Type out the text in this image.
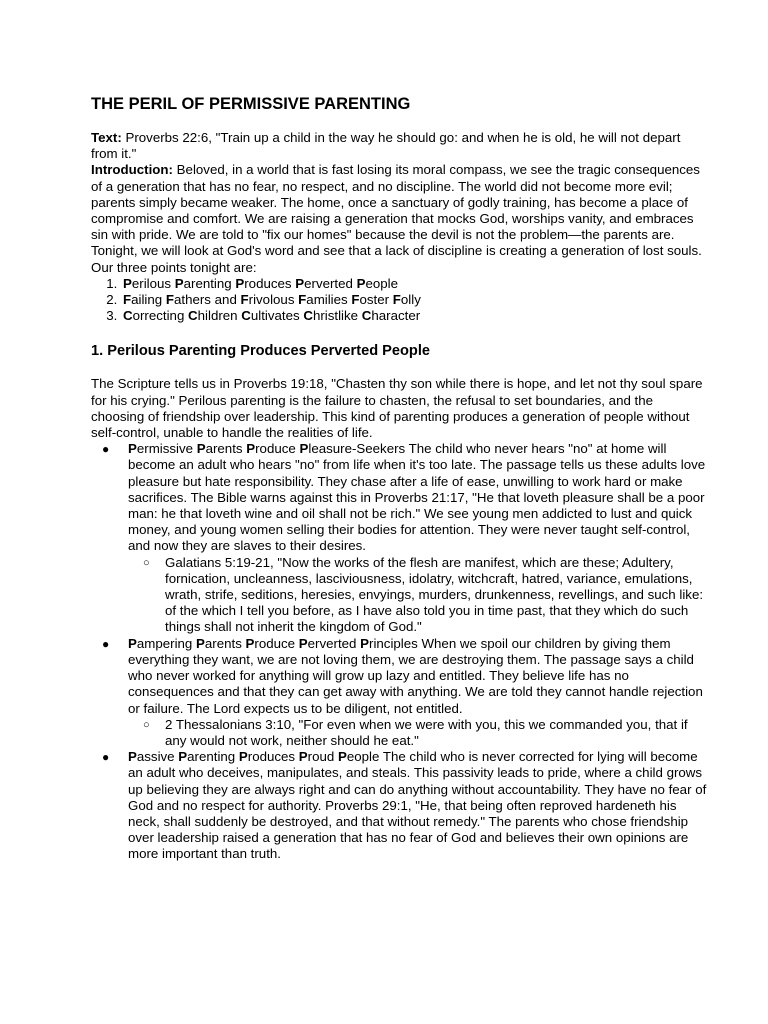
THE PERIL OF PERMISSIVE PARENTING

Text: Proverbs 22:6, "Train up a child in the way he should go: and when he is old, he will not depart from it."

Introduction: Beloved, in a world that is fast losing its moral compass, we see the tragic consequences of a generation that has no fear, no respect, and no discipline. The world did not become more evil; parents simply became weaker. The home, once a sanctuary of godly training, has become a place of compromise and comfort. We are raising a generation that mocks God, worships vanity, and embraces sin with pride. We are told to "fix our homes" because the devil is not the problem—the parents are. Tonight, we will look at God's word and see that a lack of discipline is creating a generation of lost souls.

Our three points tonight are:

1. Perilous Parenting Produces Perverted People
2. Failing Fathers and Frivolous Families Foster Folly
3. Correcting Children Cultivates Christlike Character
1. Perilous Parenting Produces Perverted People

The Scripture tells us in Proverbs 19:18, "Chasten thy son while there is hope, and let not thy soul spare for his crying." Perilous parenting is the failure to chasten, the refusal to set boundaries, and the choosing of friendship over leadership. This kind of parenting produces a generation of people without self-control, unable to handle the realities of life.

● Permissive Parents Produce Pleasure-Seekers The child who never hears "no" at home will become an adult who hears "no" from life when it's too late. The passage tells us these adults love pleasure but hate responsibility. They chase after a life of ease, unwilling to work hard or make sacrifices. The Bible warns against this in Proverbs 21:17, "He that loveth pleasure shall be a poor man: he that loveth wine and oil shall not be rich." We see young men addicted to lust and quick money, and young women selling their bodies for attention. They were never taught self-control, and now they are slaves to their desires.
○ Galatians 5:19-21, "Now the works of the flesh are manifest, which are these; Adultery, fornication, uncleanness, lasciviousness, idolatry, witchcraft, hatred, variance, emulations, wrath, strife, seditions, heresies, envyings, murders, drunkenness, revellings, and such like: of the which I tell you before, as I have also told you in time past, that they which do such things shall not inherit the kingdom of God."
● Pampering Parents Produce Perverted Principles When we spoil our children by giving them everything they want, we are not loving them, we are destroying them. The passage says a child who never worked for anything will grow up lazy and entitled. They believe life has no consequences and that they can get away with anything. We are told they cannot handle rejection or failure. The Lord expects us to be diligent, not entitled.
○ 2 Thessalonians 3:10, "For even when we were with you, this we commanded you, that if any would not work, neither should he eat."
● Passive Parenting Produces Proud People The child who is never corrected for lying will become an adult who deceives, manipulates, and steals. This passivity leads to pride, where a child grows up believing they are always right and can do anything without accountability. They have no fear of God and no respect for authority. Proverbs 29:1, "He, that being often reproved hardeneth his neck, shall suddenly be destroyed, and that without remedy." The parents who chose friendship over leadership raised a generation that has no fear of God and believes their own opinions are more important than truth.
